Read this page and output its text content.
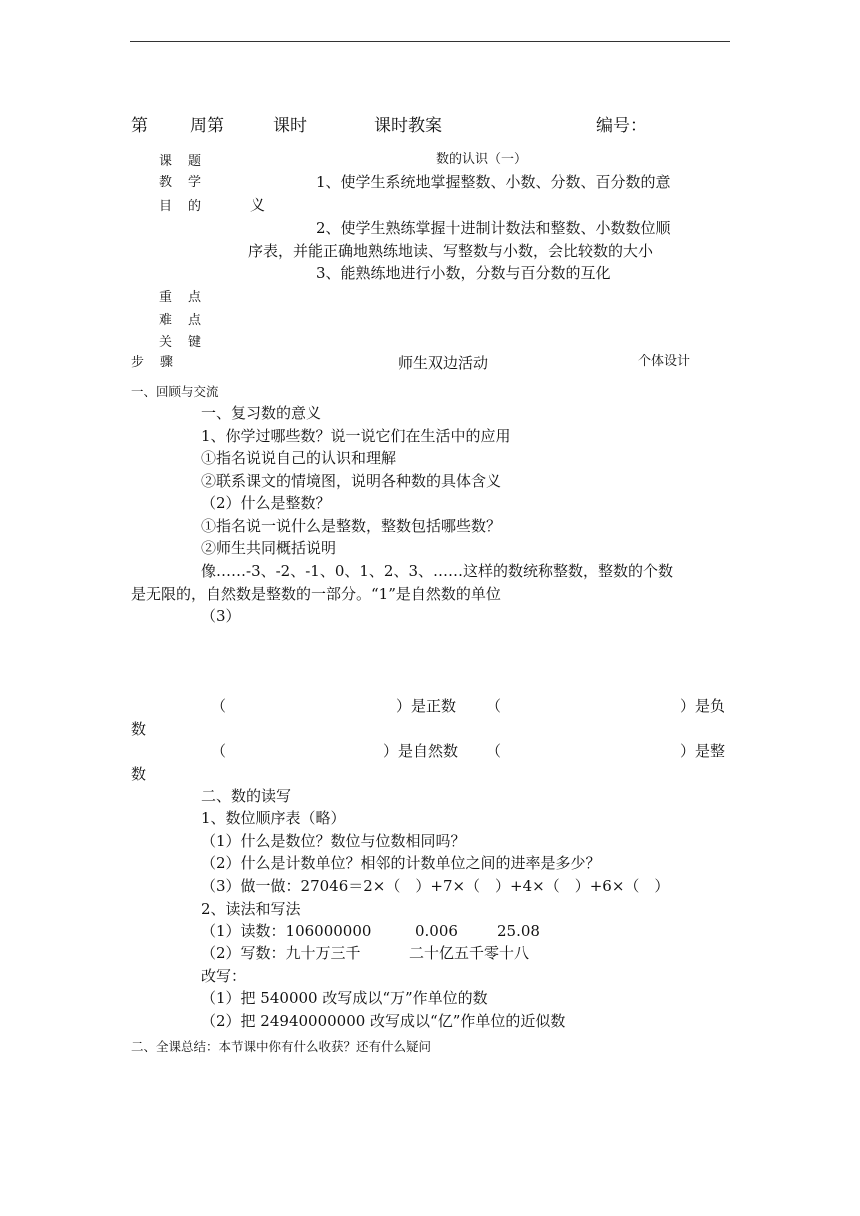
第 周第	课时	课时教案	编号：
课 题	数的认识（一）
教 学
目 的
1、使学生系统地掌握整数、小数、分数、百分数的意
义
2、使学生熟练掌握十进制计数法和整数、小数数位顺
序表，并能正确地熟练地读、写整数与小数，会比较数的大小
3、能熟练地进行小数，分数与百分数的互化
重 点
难 点
关 键
步 骤	师生双边活动	个体设计
一、回顾与交流
一、复习数的意义
1、你学过哪些数？说一说它们在生活中的应用
①指名说说自己的认识和理解
②联系课文的情境图，说明各种数的具体含义
（2）什么是整数？
①指名说一说什么是整数，整数包括哪些数？
②师生共同概括说明
像……-3、-2、-1、0、1、2、3、……这样的数统称整数，整数的个数
是无限的，自然数是整数的一部分。“1”是自然数的单位
（3）
（	）是正数 （	）是负
数
（	）是自然数 （	）是整
数
二、数的读写
1、数位顺序表（略）
（1）什么是数位？数位与位数相同吗？
（2）什么是计数单位？相邻的计数单位之间的进率是多少？
（3）做一做：27046＝2×（　）+7×（　）+4×（　）+6×（　）
2、读法和写法
（1）读数：106000000	0.006	25.08
（2）写数：九十万三千	二十亿五千零十八
改写：
（1）把 540000 改写成以“万”作单位的数
（2）把 24940000000 改写成以“亿”作单位的近似数
二、全课总结：本节课中你有什么收获？还有什么疑问
